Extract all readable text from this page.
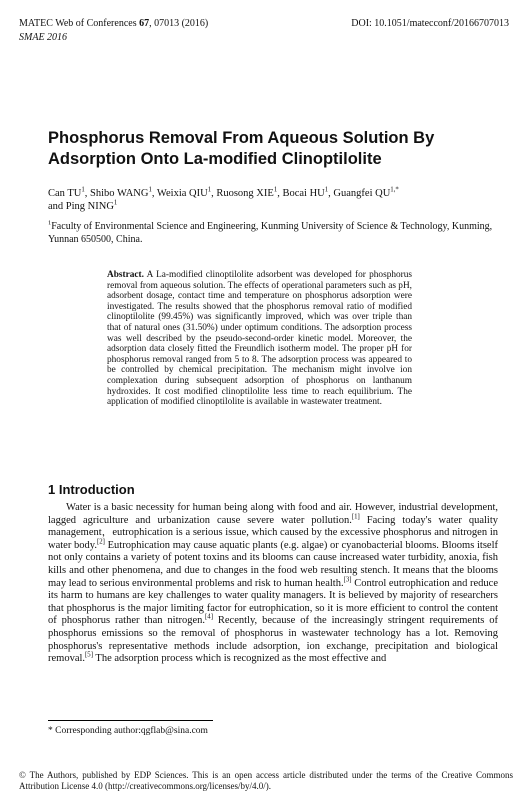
MATEC Web of Conferences 67, 07013 (2016)
SMAE 2016
DOI: 10.1051/matecconf/20166707013
Phosphorus Removal From Aqueous Solution By Adsorption Onto La-modified Clinoptilolite
Can $TU^1$, Shibo WANG$^1$, Weixia QIU$^1$, Ruosong XIE$^1$, Bocai $HU^1$, Guangfei $QU^{1,*}$
and Ping NING$^1$
$^1$Faculty of Environmental Science and Engineering, Kunming University of Science & Technology, Kunming, Yunnan 650500, China.
Abstract. A La-modified clinoptilolite adsorbent was developed for phosphorus removal from aqueous solution. The effects of operational parameters such as pH, adsorbent dosage, contact time and temperature on phosphorus adsorption were investigated. The results showed that the phosphorus removal ratio of modified clinoptilolite (99.45%) was significantly improved, which was over triple than that of natural ones (31.50%) under optimum conditions. The adsorption process was well described by the pseudo-second-order kinetic model. Moreover, the adsorption data closely fitted the Freundlich isotherm model. The proper pH for phosphorus removal ranged from 5 to 8. The adsorption process was appeared to be controlled by chemical precipitation. The mechanism might involve ion complexation during subsequent adsorption of phosphorus on lanthanum hydroxides. It cost modified clinoptilolite less time to reach equilibrium. The application of modified clinoptilolite is available in wastewater treatment.
1 Introduction

Water is a basic necessity for human being along with food and air. However, industrial development, lagged agriculture and urbanization cause severe water pollution.[1] Facing today's water quality management，eutrophication is a serious issue, which caused by the excessive phosphorus and nitrogen in water body.[2] Eutrophication may cause aquatic plants (e.g. algae) or cyanobacterial blooms. Blooms itself not only contains a variety of potent toxins and its blooms can cause increased water turbidity, anoxia, fish kills and other phenomena, and due to changes in the food web resulting stench. It means that the blooms may lead to serious environmental problems and risk to human health.[3] Control eutrophication and reduce its harm to humans are key challenges to water quality managers. It is believed by majority of researchers that phosphorus is the major limiting factor for eutrophication, so it is more efficient to control the content of phosphorus rather than nitrogen.[4] Recently, because of the increasingly stringent requirements of phosphorus emissions so the removal of phosphorus in wastewater technology has a lot. Removing phosphorus's representative methods include adsorption, ion exchange, precipitation and biological removal.[5] The adsorption process which is recognized as the most effective and

* Corresponding author:qgflab@sina.com
© The Authors, published by EDP Sciences. This is an open access article distributed under the terms of the Creative Commons Attribution License 4.0 (http://creativecommons.org/licenses/by/4.0/).
